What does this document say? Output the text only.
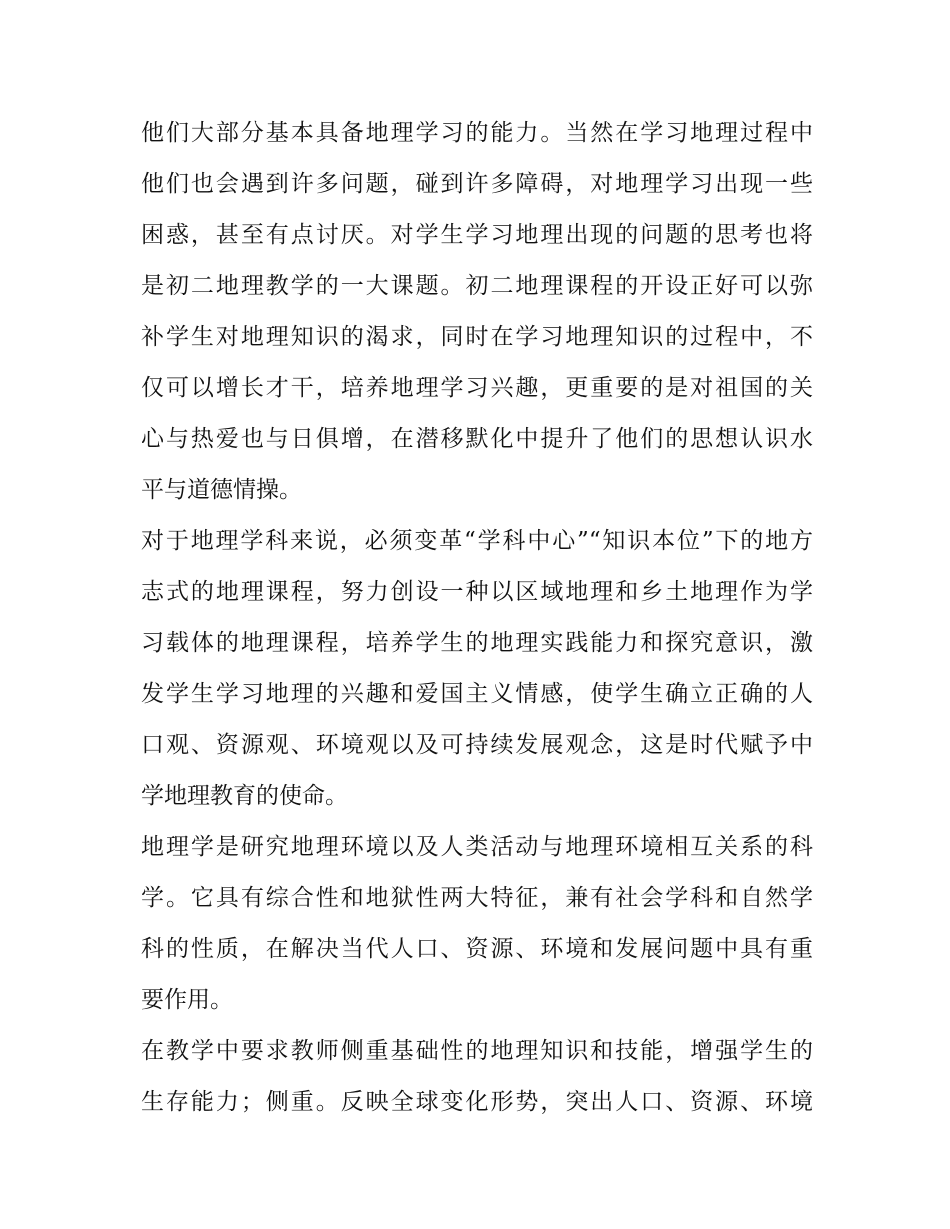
他们大部分基本具备地理学习的能力。当然在学习地理过程中
他们也会遇到许多问题，碰到许多障碍，对地理学习出现一些
困惑，甚至有点讨厌。对学生学习地理出现的问题的思考也将
是初二地理教学的一大课题。初二地理课程的开设正好可以弥
补学生对地理知识的渴求，同时在学习地理知识的过程中，不
仅可以增长才干，培养地理学习兴趣，更重要的是对祖国的关
心与热爱也与日俱增，在潜移默化中提升了他们的思想认识水
平与道德情操。
对于地理学科来说，必须变革“学科中心”“知识本位”下的地方
志式的地理课程，努力创设一种以区域地理和乡土地理作为学
习载体的地理课程，培养学生的地理实践能力和探究意识，激
发学生学习地理的兴趣和爱国主义情感，使学生确立正确的人
口观、资源观、环境观以及可持续发展观念，这是时代赋予中
学地理教育的使命。
地理学是研究地理环境以及人类活动与地理环境相互关系的科
学。它具有综合性和地狱性两大特征，兼有社会学科和自然学
科的性质，在解决当代人口、资源、环境和发展问题中具有重
要作用。
在教学中要求教师侧重基础性的地理知识和技能，增强学生的
生存能力；侧重。反映全球变化形势，突出人口、资源、环境
